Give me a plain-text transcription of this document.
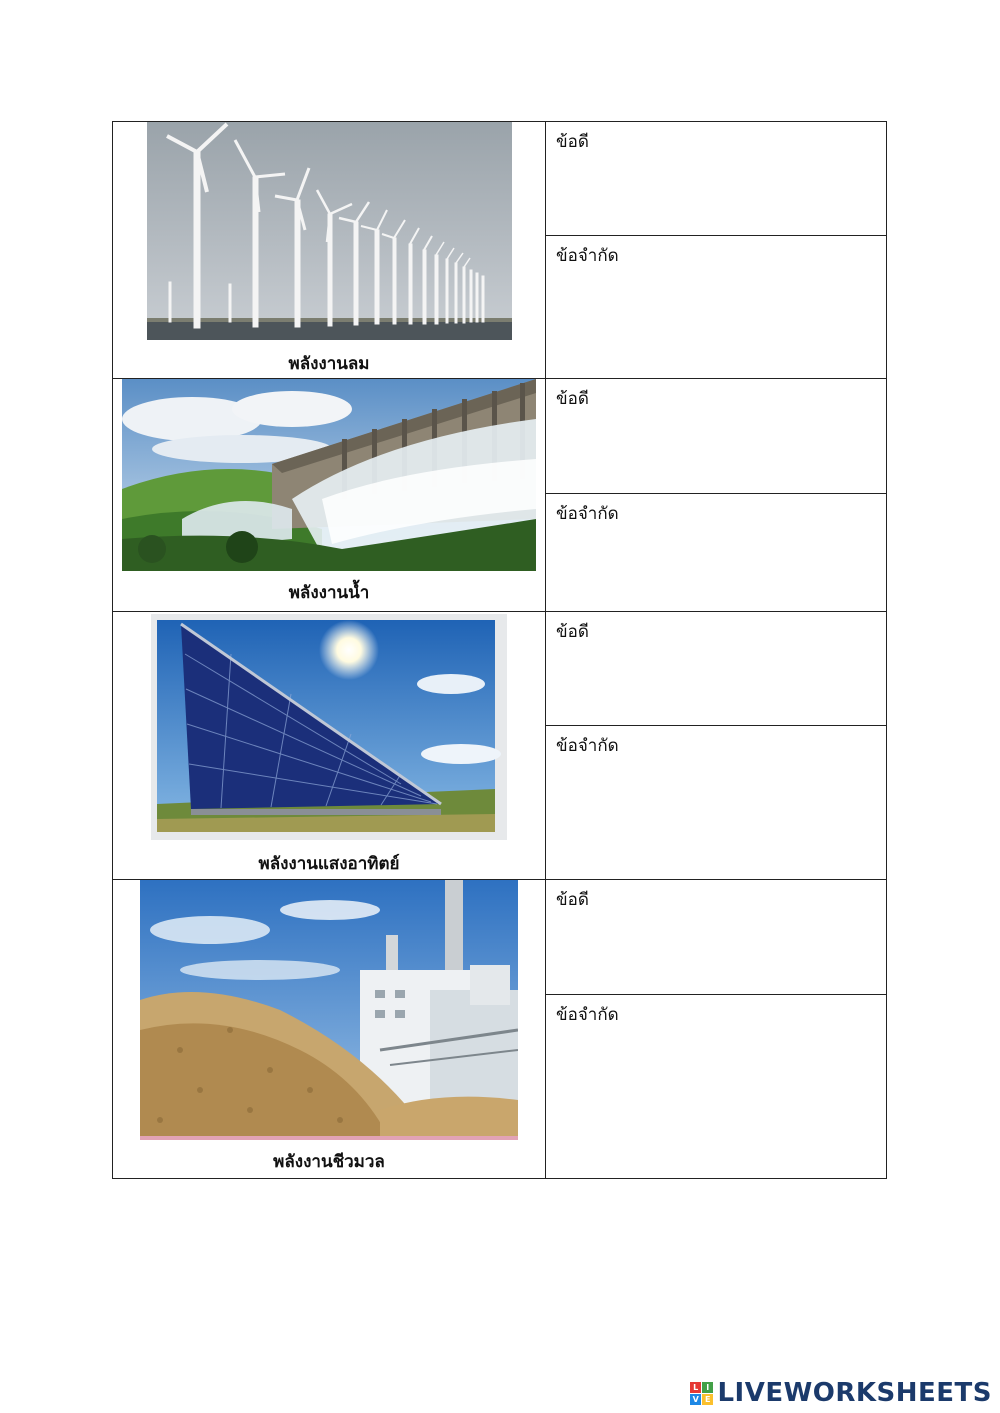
พลังงานลม	ข้อดี

	ข้อจำกัด

พลังงานน้ำ	ข้อดี

	ข้อจำกัด

พลังงานแสงอาทิตย์	ข้อดี

	ข้อจำกัด

พลังงานชีวมวล	ข้อดี

	ข้อจำกัด
L I
V E LIVEWORKSHEETS
